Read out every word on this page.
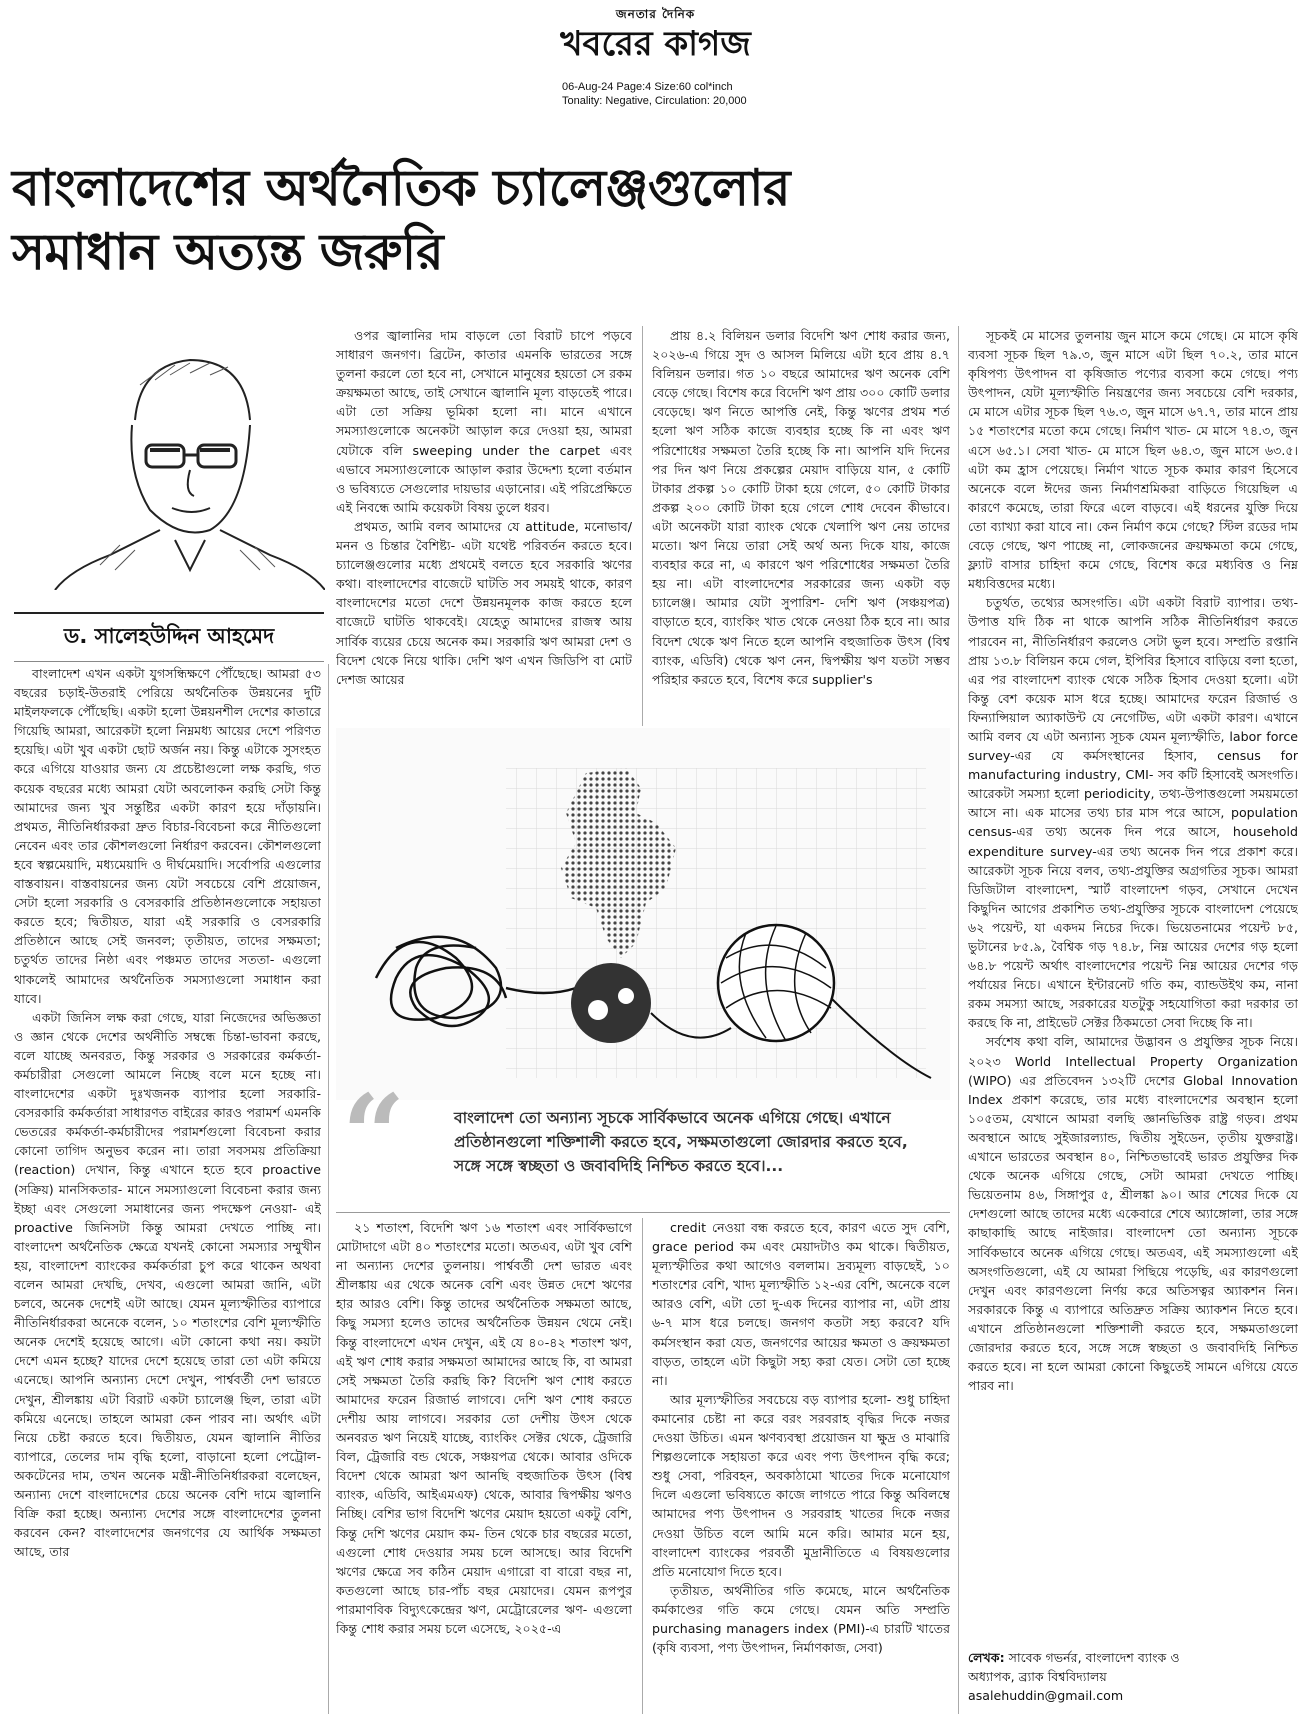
জনতার দৈনিক
খবরের কাগজ
06-Aug-24 Page:4 Size:60 col*inch
Tonality: Negative, Circulation: 20,000
বাংলাদেশের অর্থনৈতিক চ্যালেঞ্জগুলোর
সমাধান অত্যন্ত জরুরি
ড. সালেহউদ্দিন আহমেদ

বাংলাদেশ এখন একটা যুগসন্ধিক্ষণে পৌঁছেছে। আমরা ৫৩ বছরের চড়াই-উতরাই পেরিয়ে অর্থনৈতিক উন্নয়নের দুটি মাইলফলকে পৌঁছেছি। একটা হলো উন্নয়নশীল দেশের কাতারে গিয়েছি আমরা, আরেকটা হলো নিম্নমধ্য আয়ের দেশে পরিণত হয়েছি। এটা খুব একটা ছোট অর্জন নয়। কিন্তু এটাকে সুসংহত করে এগিয়ে যাওয়ার জন্য যে প্রচেষ্টাগুলো লক্ষ করছি, গত কয়েক বছরের মধ্যে আমরা যেটা অবলোকন করছি সেটা কিন্তু আমাদের জন্য খুব সন্তুষ্টির একটা কারণ হয়ে দাঁড়ায়নি। প্রথমত, নীতিনির্ধারকরা দ্রুত বিচার-বিবেচনা করে নীতিগুলো নেবেন এবং তার কৌশলগুলো নির্ধারণ করবেন। কৌশলগুলো হবে স্বল্পমেয়াদি, মধ্যমেয়াদি ও দীর্ঘমেয়াদি। সর্বোপরি এগুলোর বাস্তবায়ন। বাস্তবায়নের জন্য যেটা সবচেয়ে বেশি প্রয়োজন, সেটা হলো সরকারি ও বেসরকারি প্রতিষ্ঠানগুলোকে সহায়তা করতে হবে; দ্বিতীয়ত, যারা এই সরকারি ও বেসরকারি প্রতিষ্ঠানে আছে সেই জনবল; তৃতীয়ত, তাদের সক্ষমতা; চতুর্থত তাদের নিষ্ঠা এবং পঞ্চমত তাদের সততা- এগুলো থাকলেই আমাদের অর্থনৈতিক সমস্যাগুলো সমাধান করা যাবে।

একটা জিনিস লক্ষ করা গেছে, যারা নিজেদের অভিজ্ঞতা ও জ্ঞান থেকে দেশের অর্থনীতি সম্বন্ধে চিন্তা-ভাবনা করছে, বলে যাচ্ছে অনবরত, কিন্তু সরকার ও সরকারের কর্মকর্তা-কর্মচারীরা সেগুলো আমলে নিচ্ছে বলে মনে হচ্ছে না। বাংলাদেশের একটা দুঃখজনক ব্যাপার হলো সরকারি-বেসরকারি কর্মকর্তারা সাধারণত বাইরের কারও পরামর্শ এমনকি ভেতরের কর্মকর্তা-কর্মচারীদের পরামর্শগুলো বিবেচনা করার কোনো তাগিদ অনুভব করেন না। তারা সবসময় প্রতিক্রিয়া (reaction) দেখান, কিন্তু এখানে হতে হবে proactive (সক্রিয়) মানসিকতার- মানে সমস্যাগুলো বিবেচনা করার জন্য ইচ্ছা এবং সেগুলো সমাধানের জন্য পদক্ষেপ নেওয়া- এই proactive জিনিসটা কিন্তু আমরা দেখতে পাচ্ছি না। বাংলাদেশ অর্থনৈতিক ক্ষেত্রে যখনই কোনো সমস্যার সম্মুখীন হয়, বাংলাদেশ ব্যাংকের কর্মকর্তারা চুপ করে থাকেন অথবা বলেন আমরা দেখছি, দেখব, এগুলো আমরা জানি, এটা চলবে, অনেক দেশেই এটা আছে। যেমন মূল্যস্ফীতির ব্যাপারে নীতিনির্ধারকরা অনেকে বলেন, ১০ শতাংশের বেশি মূল্যস্ফীতি অনেক দেশেই হয়েছে আগে। এটা কোনো কথা নয়। কয়টা দেশে এমন হচ্ছে? যাদের দেশে হয়েছে তারা তো এটা কমিয়ে এনেছে। আপনি অন্যান্য দেশে দেখুন, পার্শ্ববর্তী দেশ ভারতে দেখুন, শ্রীলঙ্কায় এটা বিরাট একটা চ্যালেঞ্জ ছিল, তারা এটা কমিয়ে এনেছে। তাহলে আমরা কেন পারব না। অর্থাৎ এটা নিয়ে চেষ্টা করতে হবে। দ্বিতীয়ত, যেমন জ্বালানি নীতির ব্যাপারে, তেলের দাম বৃদ্ধি হলো, বাড়ানো হলো পেট্রোল-অকটেনের দাম, তখন অনেক মন্ত্রী-নীতিনির্ধারকরা বলেছেন, অন্যান্য দেশে বাংলাদেশের চেয়ে অনেক বেশি দামে জ্বালানি বিক্রি করা হচ্ছে। অন্যান্য দেশের সঙ্গে বাংলাদেশের তুলনা করবেন কেন? বাংলাদেশের জনগণের যে আর্থিক সক্ষমতা আছে, তার

ওপর জ্বালানির দাম বাড়লে তো বিরাট চাপে পড়বে সাধারণ জনগণ। ব্রিটেন, কাতার এমনকি ভারতের সঙ্গে তুলনা করলে তো হবে না, সেখানে মানুষের হয়তো সে রকম ক্রয়ক্ষমতা আছে, তাই সেখানে জ্বালানি মূল্য বাড়তেই পারে। এটা তো সক্রিয় ভূমিকা হলো না। মানে এখানে সমস্যাগুলোকে অনেকটা আড়াল করে দেওয়া হয়, আমরা যেটাকে বলি sweeping under the carpet এবং এভাবে সমস্যাগুলোকে আড়াল করার উদ্দেশ্য হলো বর্তমান ও ভবিষ্যতে সেগুলোর দায়ভার এড়ানোর। এই পরিপ্রেক্ষিতে এই নিবন্ধে আমি কয়েকটা বিষয় তুলে ধরব।

প্রথমত, আমি বলব আমাদের যে attitude, মনোভাব/মনন ও চিন্তার বৈশিষ্ট্য- এটা যথেষ্ট পরিবর্তন করতে হবে। চ্যালেঞ্জগুলোর মধ্যে প্রথমেই বলতে হবে সরকারি ঋণের কথা। বাংলাদেশের বাজেটে ঘাটতি সব সময়ই থাকে, কারণ বাংলাদেশের মতো দেশে উন্নয়নমূলক কাজ করতে হলে বাজেটে ঘাটতি থাকবেই। যেহেতু আমাদের রাজস্ব আয় সার্বিক ব্যয়ের চেয়ে অনেক কম। সরকারি ঋণ আমরা দেশ ও বিদেশ থেকে নিয়ে থাকি। দেশি ঋণ এখন জিডিপি বা মোট দেশজ আয়ের

প্রায় ৪.২ বিলিয়ন ডলার বিদেশি ঋণ শোধ করার জন্য, ২০২৬-এ গিয়ে সুদ ও আসল মিলিয়ে এটা হবে প্রায় ৪.৭ বিলিয়ন ডলার। গত ১০ বছরে আমাদের ঋণ অনেক বেশি বেড়ে গেছে। বিশেষ করে বিদেশি ঋণ প্রায় ৩০০ কোটি ডলার বেড়েছে। ঋণ নিতে আপত্তি নেই, কিন্তু ঋণের প্রথম শর্ত হলো ঋণ সঠিক কাজে ব্যবহার হচ্ছে কি না এবং ঋণ পরিশোধের সক্ষমতা তৈরি হচ্ছে কি না। আপনি যদি দিনের পর দিন ঋণ নিয়ে প্রকল্পের মেয়াদ বাড়িয়ে যান, ৫ কোটি টাকার প্রকল্প ১০ কোটি টাকা হয়ে গেলে, ৫০ কোটি টাকার প্রকল্প ২০০ কোটি টাকা হয়ে গেলে শোধ দেবেন কীভাবে। এটা অনেকটা যারা ব্যাংক থেকে খেলাপি ঋণ নেয় তাদের মতো। ঋণ নিয়ে তারা সেই অর্থ অন্য দিকে যায়, কাজে ব্যবহার করে না, এ কারণে ঋণ পরিশোধের সক্ষমতা তৈরি হয় না। এটা বাংলাদেশের সরকারের জন্য একটা বড় চ্যালেঞ্জ। আমার যেটা সুপারিশ- দেশি ঋণ (সঞ্চয়পত্র) বাড়াতে হবে, ব্যাংকিং খাত থেকে নেওয়া ঠিক হবে না। আর বিদেশ থেকে ঋণ নিতে হলে আপনি বহুজাতিক উৎস (বিশ্ব ব্যাংক, এডিবি) থেকে ঋণ নেন, দ্বিপক্ষীয় ঋণ যতটা সম্ভব পরিহার করতে হবে, বিশেষ করে supplier's

“	বাংলাদেশ তো অন্যান্য সূচকে সার্বিকভাবে অনেক এগিয়ে গেছে। এখানে প্রতিষ্ঠানগুলো শক্তিশালী করতে হবে, সক্ষমতাগুলো জোরদার করতে হবে, সঙ্গে সঙ্গে স্বচ্ছতা ও জবাবদিহি নিশ্চিত করতে হবে।...

২১ শতাংশ, বিদেশি ঋণ ১৬ শতাংশ এবং সার্বিকভাগে মোটাদাগে এটা ৪০ শতাংশের মতো। অতএব, এটা খুব বেশি না অন্যান্য দেশের তুলনায়। পার্শ্ববর্তী দেশ ভারত এবং শ্রীলঙ্কায় এর থেকে অনেক বেশি এবং উন্নত দেশে ঋণের হার আরও বেশি। কিন্তু তাদের অর্থনৈতিক সক্ষমতা আছে, কিছু সমস্যা হলেও তাদের অর্থনৈতিক উন্নয়ন থেমে নেই। কিন্তু বাংলাদেশে এখন দেখুন, এই যে ৪০-৪২ শতাংশ ঋণ, এই ঋণ শোধ করার সক্ষমতা আমাদের আছে কি, বা আমরা সেই সক্ষমতা তৈরি করছি কি? বিদেশি ঋণ শোধ করতে আমাদের ফরেন রিজার্ভ লাগবে। দেশি ঋণ শোধ করতে দেশীয় আয় লাগবে। সরকার তো দেশীয় উৎস থেকে অনবরত ঋণ নিয়েই যাচ্ছে, ব্যাংকিং সেক্টর থেকে, ট্রেজারি বিল, ট্রেজারি বন্ড থেকে, সঞ্চয়পত্র থেকে। আবার ওদিকে বিদেশ থেকে আমরা ঋণ আনছি বহুজাতিক উৎস (বিশ্ব ব্যাংক, এডিবি, আইএমএফ) থেকে, আবার দ্বিপক্ষীয় ঋণও নিচ্ছি। বেশির ভাগ বিদেশি ঋণের মেয়াদ হয়তো একটু বেশি, কিন্তু দেশি ঋণের মেয়াদ কম- তিন থেকে চার বছরের মতো, এগুলো শোধ দেওয়ার সময় চলে আসছে। আর বিদেশি ঋণের ক্ষেত্রে সব কঠিন মেয়াদ এগারো বা বারো বছর না, কতগুলো আছে চার-পাঁচ বছর মেয়াদের। যেমন রূপপুর পারমাণবিক বিদ্যুৎকেন্দ্রের ঋণ, মেট্রোরেলের ঋণ- এগুলো কিন্তু শোধ করার সময় চলে এসেছে, ২০২৫-এ

credit নেওয়া বন্ধ করতে হবে, কারণ এতে সুদ বেশি, grace period কম এবং মেয়াদটাও কম থাকে। দ্বিতীয়ত, মূল্যস্ফীতির কথা আগেও বললাম। দ্রব্যমূল্য বাড়ছেই, ১০ শতাংশের বেশি, খাদ্য মূল্যস্ফীতি ১২-এর বেশি, অনেকে বলে আরও বেশি, এটা তো দু-এক দিনের ব্যাপার না, এটা প্রায় ৬-৭ মাস ধরে চলছে। জনগণ কতটা সহ্য করবে? যদি কর্মসংস্থান করা যেত, জনগণের আয়ের ক্ষমতা ও ক্রয়ক্ষমতা বাড়ত, তাহলে এটা কিছুটা সহ্য করা যেত। সেটা তো হচ্ছে না।

আর মূল্যস্ফীতির সবচেয়ে বড় ব্যাপার হলো- শুধু চাহিদা কমানোর চেষ্টা না করে বরং সরবরাহ বৃদ্ধির দিকে নজর দেওয়া উচিত। এমন ঋণব্যবস্থা প্রয়োজন যা ক্ষুদ্র ও মাঝারি শিল্পগুলোকে সহায়তা করে এবং পণ্য উৎপাদন বৃদ্ধি করে; শুধু সেবা, পরিবহন, অবকাঠামো খাতের দিকে মনোযোগ দিলে এগুলো ভবিষ্যতে কাজে লাগতে পারে কিন্তু অবিলম্বে আমাদের পণ্য উৎপাদন ও সরবরাহ খাতের দিকে নজর দেওয়া উচিত বলে আমি মনে করি। আমার মনে হয়, বাংলাদেশ ব্যাংকের পরবর্তী মুদ্রানীতিতে এ বিষয়গুলোর প্রতি মনোযোগ দিতে হবে।

তৃতীয়ত, অর্থনীতির গতি কমেছে, মানে অর্থনৈতিক কর্মকাণ্ডের গতি কমে গেছে। যেমন অতি সম্প্রতি purchasing managers index (PMI)-এ চারটি খাতের (কৃষি ব্যবসা, পণ্য উৎপাদন, নির্মাণকাজ, সেবা)

সূচকই মে মাসের তুলনায় জুন মাসে কমে গেছে। মে মাসে কৃষি ব্যবসা সূচক ছিল ৭৯.৩, জুন মাসে এটা ছিল ৭০.২, তার মানে কৃষিপণ্য উৎপাদন বা কৃষিজাত পণ্যের ব্যবসা কমে গেছে। পণ্য উৎপাদন, যেটা মূল্যস্ফীতি নিয়ন্ত্রণের জন্য সবচেয়ে বেশি দরকার, মে মাসে এটার সূচক ছিল ৭৬.৩, জুন মাসে ৬৭.৭, তার মানে প্রায় ১৫ শতাংশের মতো কমে গেছে। নির্মাণ খাত- মে মাসে ৭৪.৩, জুন এসে ৬৫.১। সেবা খাত- মে মাসে ছিল ৬৪.৩, জুন মাসে ৬৩.৫। এটা কম হ্রাস পেয়েছে। নির্মাণ খাতে সূচক কমার কারণ হিসেবে অনেকে বলে ঈদের জন্য নির্মাণশ্রমিকরা বাড়িতে গিয়েছিল এ কারণে কমেছে, তারা ফিরে এলে বাড়বে। এই ধরনের যুক্তি দিয়ে তো ব্যাখ্যা করা যাবে না। কেন নির্মাণ কমে গেছে? স্টিল রডের দাম বেড়ে গেছে, ঋণ পাচ্ছে না, লোকজনের ক্রয়ক্ষমতা কমে গেছে, ফ্ল্যাট বাসার চাহিদা কমে গেছে, বিশেষ করে মধ্যবিত্ত ও নিম্ন মধ্যবিত্তদের মধ্যে।

চতুর্থত, তথ্যের অসংগতি। এটা একটা বিরাট ব্যাপার। তথ্য-উপাত্ত যদি ঠিক না থাকে আপনি সঠিক নীতিনির্ধারণ করতে পারবেন না, নীতিনির্ধারণ করলেও সেটা ভুল হবে। সম্প্রতি রপ্তানি প্রায় ১৩.৮ বিলিয়ন কমে গেল, ইপিবির হিসাবে বাড়িয়ে বলা হতো, এর পর বাংলাদেশ ব্যাংক থেকে সঠিক হিসাব দেওয়া হলো। এটা কিন্তু বেশ কয়েক মাস ধরে হচ্ছে। আমাদের ফরেন রিজার্ভ ও ফিন্যান্সিয়াল অ্যাকাউন্ট যে নেগেটিভ, এটা একটা কারণ। এখানে আমি বলব যে এটা অন্যান্য সূচক যেমন মূল্যস্ফীতি, labor force survey-এর যে কর্মসংস্থানের হিসাব, census for manufacturing industry, CMI- সব কটি হিসাবেই অসংগতি। আরেকটা সমস্যা হলো periodicity, তথ্য-উপাত্তগুলো সময়মতো আসে না। এক মাসের তথ্য চার মাস পরে আসে, population census-এর তথ্য অনেক দিন পরে আসে, household expenditure survey-এর তথ্য অনেক দিন পরে প্রকাশ করে। আরেকটা সূচক নিয়ে বলব, তথ্য-প্রযুক্তির অগ্রগতির সূচক। আমরা ডিজিটাল বাংলাদেশ, স্মার্ট বাংলাদেশ গড়ব, সেখানে দেখেন কিছুদিন আগের প্রকাশিত তথ্য-প্রযুক্তির সূচকে বাংলাদেশ পেয়েছে ৬২ পয়েন্ট, যা একদম নিচের দিকে। ভিয়েতনামের পয়েন্ট ৮৫, ভুটানের ৮৫.৯, বৈশ্বিক গড় ৭৪.৮, নিম্ন আয়ের দেশের গড় হলো ৬৪.৮ পয়েন্ট অর্থাৎ বাংলাদেশের পয়েন্ট নিম্ন আয়ের দেশের গড় পর্যায়ের নিচে। এখানে ইন্টারনেট গতি কম, ব্যান্ডউইথ কম, নানা রকম সমস্যা আছে, সরকারের যতটুকু সহযোগিতা করা দরকার তা করছে কি না, প্রাইভেট সেক্টর ঠিকমতো সেবা দিচ্ছে কি না।

সর্বশেষ কথা বলি, আমাদের উদ্ভাবন ও প্রযুক্তির সূচক নিয়ে। ২০২৩ World Intellectual Property Organization (WIPO) এর প্রতিবেদন ১৩২টি দেশের Global Innovation Index প্রকাশ করেছে, তার মধ্যে বাংলাদেশের অবস্থান হলো ১০৫তম, যেখানে আমরা বলছি জ্ঞানভিত্তিক রাষ্ট্র গড়ব। প্রথম অবস্থানে আছে সুইজারল্যান্ড, দ্বিতীয় সুইডেন, তৃতীয় যুক্তরাষ্ট্র। এখানে ভারতের অবস্থান ৪০, নিশ্চিতভাবেই ভারত প্রযুক্তির দিক থেকে অনেক এগিয়ে গেছে, সেটা আমরা দেখতে পাচ্ছি। ভিয়েতনাম ৪৬, সিঙ্গাপুর ৫, শ্রীলঙ্কা ৯০। আর শেষের দিকে যে দেশগুলো আছে তাদের মধ্যে একেবারে শেষে অ্যাঙ্গোলা, তার সঙ্গে কাছাকাছি আছে নাইজার। বাংলাদেশ তো অন্যান্য সূচকে সার্বিকভাবে অনেক এগিয়ে গেছে। অতএব, এই সমস্যাগুলো এই অসংগতিগুলো, এই যে আমরা পিছিয়ে পড়েছি, এর কারণগুলো দেখুন এবং কারণগুলো নির্ণয় করে অতিসত্বর অ্যাকশন নিন। সরকারকে কিন্তু এ ব্যাপারে অতিদ্রুত সক্রিয় অ্যাকশন নিতে হবে। এখানে প্রতিষ্ঠানগুলো শক্তিশালী করতে হবে, সক্ষমতাগুলো জোরদার করতে হবে, সঙ্গে সঙ্গে স্বচ্ছতা ও জবাবদিহি নিশ্চিত করতে হবে। না হলে আমরা কোনো কিছুতেই সামনে এগিয়ে যেতে পারব না।

লেখক: সাবেক গভর্নর, বাংলাদেশ ব্যাংক ও
অধ্যাপক, ব্র্যাক বিশ্ববিদ্যালয়
asalehuddin@gmail.com
